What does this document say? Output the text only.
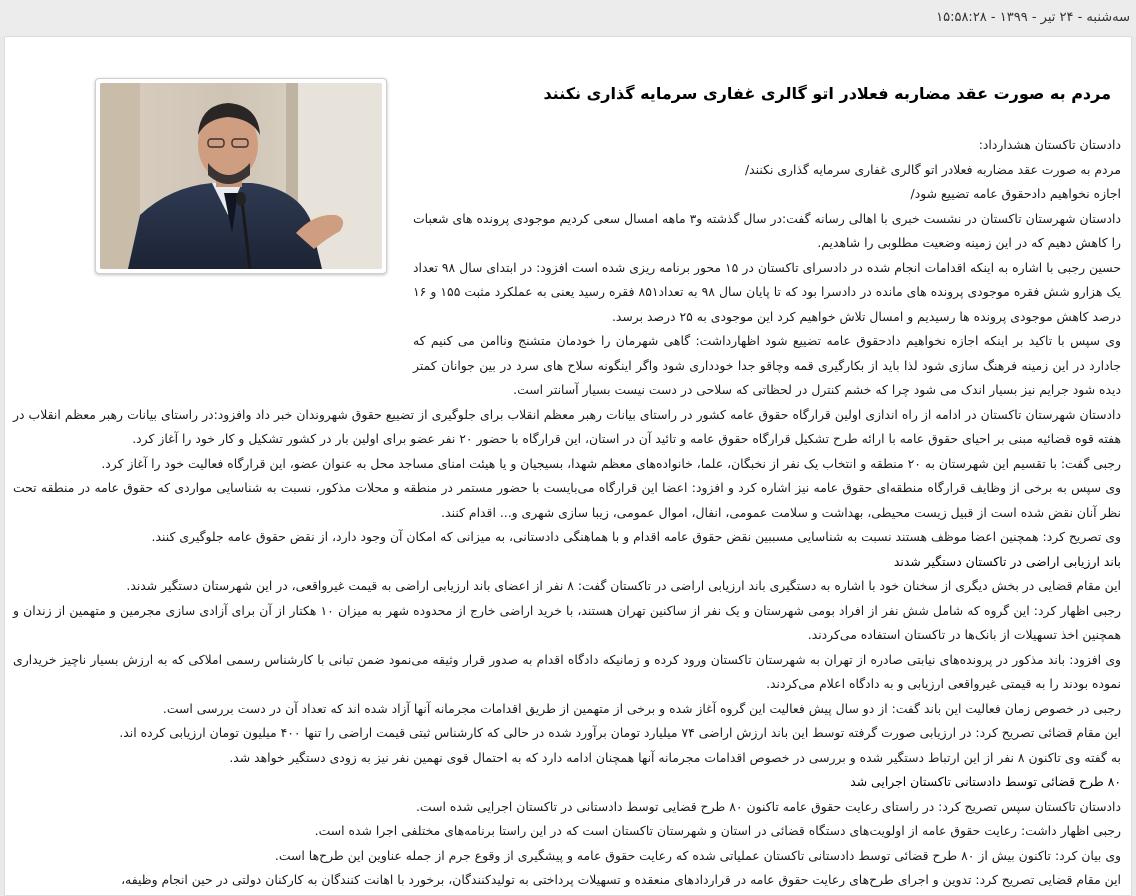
سه‌شنبه - ۲۴ تیر - ۱۳۹۹ - ۱۵:۵۸:۲۸
مردم به صورت عقد مضاربه فعلادر اتو گالری غفاری سرمایه گذاری نکنند

دادستان تاکستان هشدارداد:

مردم به صورت عقد مضاربه فعلادر اتو گالری غفاری سرمایه گذاری نکنند/

اجازه نخواهیم دادحقوق عامه تضییع شود/

دادستان شهرستان تاکستان در نشست خبری با اهالی رسانه گفت:در سال گذشته و۳ ماهه امسال سعی کردیم موجودی پرونده های شعبات را کاهش دهیم که در این زمینه وضعیت مطلوبی را شاهدیم.

حسین رجبی با اشاره به اینکه اقدامات انجام شده در دادسرای تاکستان در ۱۵ محور برنامه ریزی شده است افزود: در ابتدای سال ۹۸ تعداد یک هزارو شش فقره موجودی پرونده های مانده در دادسرا بود که تا پایان سال ۹۸ به تعداد۸۵۱ فقره رسید یعنی به عملکرد مثبت ۱۵۵ و ۱۶ درصد کاهش موجودی پرونده ها رسیدیم و امسال تلاش خواهیم کرد این موجودی به ۲۵ درصد برسد.

وی سپس با تاکید بر اینکه اجازه نخواهیم دادحقوق عامه تضییع شود اظهارداشت: گاهی شهرمان را خودمان متشنج وناامن می کنیم که جادارد در این زمینه فرهنگ سازی شود لذا باید از بکارگیری قمه وچاقو جدا خودداری شود واگر اینگونه سلاح های سرد در بین جوانان کمتر دیده شود جرایم نیز بسیار اندک می شود چرا که خشم کنترل در لحظاتی که سلاحی در دست نیست بسیار آسانتر است.

دادستان شهرستان تاکستان در ادامه از راه اندازی اولین قرارگاه حقوق عامه کشور در راستای بیانات رهبر معظم انقلاب برای جلوگیری از تضییع حقوق شهروندان خبر داد وافزود:در راستای بیانات رهبر معظم انقلاب در هفته قوه قضائیه مبنی بر احیای حقوق عامه با ارائه طرح تشکیل قرارگاه حقوق عامه و تائید آن در استان، این قرارگاه با حضور ۲۰ نفر عضو برای اولین بار در کشور تشکیل و کار خود را آغاز کرد.

رجبی گفت: با تقسیم این شهرستان به ۲۰ منطقه و انتخاب یک نفر از نخبگان، علما، خانواده‌های معظم شهدا، بسیجیان و یا هیئت امنای مساجد محل به عنوان عضو، این قرارگاه فعالیت خود را آغاز کرد.

وی سپس به برخی از وظایف قرارگاه منطقه‌ای حقوق عامه نیز اشاره کرد و افزود: اعضا این قرارگاه می‌بایست با حضور مستمر در منطقه و محلات مذکور، نسبت به شناسایی مواردی که حقوق عامه در منطقه تحت نظر آنان نقض شده است از قبیل زیست محیطی، بهداشت و سلامت عمومی، انفال، اموال عمومی، زیبا سازی شهری و... اقدام کنند.

وی تصریح کرد: همچنین اعضا موظف هستند نسبت به شناسایی مسببین نقض حقوق عامه اقدام و با هماهنگی دادستانی، به میزانی که امکان آن وجود دارد، از نقض حقوق عامه جلوگیری کنند.

باند ارزیابی اراضی در تاکستان دستگیر شدند

این مقام قضایی در بخش دیگری از سخنان خود با اشاره به دستگیری باند ارزیابی اراضی در تاکستان گفت: ۸ نفر از اعضای باند ارزیابی اراضی به قیمت غیرواقعی، در این شهرستان دستگیر شدند.

رجبی اظهار کرد: این گروه که شامل شش نفر از افراد بومی شهرستان و یک نفر از ساکنین تهران هستند، با خرید اراضی خارج از محدوده شهر به میزان ۱۰ هکتار از آن برای آزادی سازی مجرمین و متهمین از زندان و همچنین اخذ تسهیلات از بانک‌ها در تاکستان استفاده می‌کردند.

وی افزود: باند مذکور در پرونده‌های نیابتی صادره از تهران به شهرستان تاکستان ورود کرده و زمانیکه دادگاه اقدام به صدور قرار وثیقه می‌نمود ضمن تبانی با کارشناس رسمی املاکی که به ارزش بسیار ناچیز خریداری نموده بودند را به قیمتی غیرواقعی ارزیابی و به دادگاه اعلام می‌کردند.

رجبی در خصوص زمان فعالیت این باند گفت: از دو سال پیش فعالیت این گروه آغاز شده و برخی از متهمین از طریق اقدامات مجرمانه آنها آزاد شده اند که تعداد آن در دست بررسی است.

این مقام قضائی تصریح کرد: در ارزیابی صورت گرفته توسط این باند ارزش اراضی ۷۴ میلیارد تومان برآورد شده در حالی که کارشناس ثبتی قیمت اراضی را تنها ۴۰۰ میلیون تومان ارزیابی کرده اند.

به گفته وی تاکنون ۸ نفر از این ارتباط دستگیر شده و بررسی در خصوص اقدامات مجرمانه آنها همچنان ادامه دارد که به احتمال قوی نهمین نفر نیز به زودی دستگیر خواهد شد.

۸۰ طرح قضائی توسط دادستانی تاکستان اجرایی شد

دادستان تاکستان سپس تصریح کرد: در راستای رعایت حقوق عامه تاکنون ۸۰ طرح قضایی توسط دادستانی در تاکستان اجرایی شده است.

رجبی اظهار داشت: رعایت حقوق عامه از اولویت‌های دستگاه قضائی در استان و شهرستان تاکستان است که در این راستا برنامه‌های مختلفی اجرا شده است.

وی بیان کرد: تاکنون بیش از ۸۰ طرح قضائی توسط دادستانی تاکستان عملیاتی شده که رعایت حقوق عامه و پیشگیری از وقوع جرم از جمله عناوین این طرح‌ها است.

این مقام قضایی تصریح کرد: تدوین و اجرای طرح‌های رعایت حقوق عامه در قراردادهای منعقده و تسهیلات پرداختی به تولیدکنندگان، برخورد با اهانت کنندگان به کارکنان دولتی در حین انجام وظیفه،
